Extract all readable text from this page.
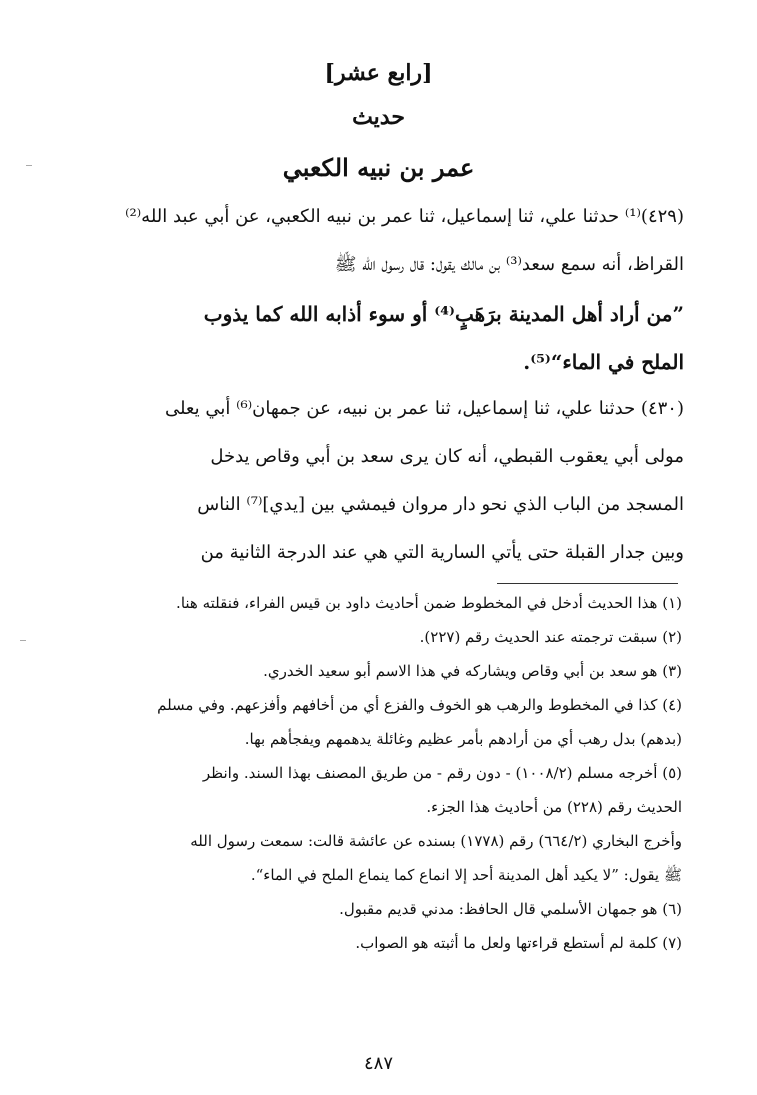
[رابع عشر]
حديث
عمر بن نبيه الكعبي
(٤٢٩)⁽¹⁾ حدثنا علي، ثنا إسماعيل، ثنا عمر بن نبيه الكعبي، عن أبي عبد الله⁽²⁾
القراظ، أنه سمع سعد⁽³⁾ بن مالك يقول: قال رسول الله ﷺ
”من أراد أهل المدينة برَهَبٍ⁽⁴⁾ أو سوء أذابه الله كما يذوب
الملح في الماء“⁽⁵⁾.
(٤٣٠) حدثنا علي، ثنا إسماعيل، ثنا عمر بن نبيه، عن جمهان⁽⁶⁾ أبي يعلى
مولى أبي يعقوب القبطي، أنه كان يرى سعد بن أبي وقاص يدخل
المسجد من الباب الذي نحو دار مروان فيمشي بين [يدي]⁽⁷⁾ الناس
وبين جدار القبلة حتى يأتي السارية التي هي عند الدرجة الثانية من
(١) هذا الحديث أدخل في المخطوط ضمن أحاديث داود بن قيس الفراء، فنقلته هنا.
(٢) سبقت ترجمته عند الحديث رقم (٢٢٧).
(٣) هو سعد بن أبي وقاص ويشاركه في هذا الاسم أبو سعيد الخدري.
(٤) كذا في المخطوط والرهب هو الخوف والفزع أي من أخافهم وأفزعهم. وفي مسلم
(بدهم) بدل رهب أي من أرادهم بأمر عظيم وغائلة يدهمهم ويفجأهم بها.
(٥) أخرجه مسلم (١٠٠٨/٢) - دون رقم - من طريق المصنف بهذا السند. وانظر
الحديث رقم (٢٢٨) من أحاديث هذا الجزء.
وأخرج البخاري (٦٦٤/٢) رقم (١٧٧٨) بسنده عن عائشة قالت: سمعت رسول الله
ﷺ يقول: ”لا يكيد أهل المدينة أحد إلا انماع كما ينماع الملح في الماء“.
(٦) هو جمهان الأسلمي قال الحافظ: مدني قديم مقبول.
(٧) كلمة لم أستطع قراءتها ولعل ما أثبته هو الصواب.
٤٨٧
